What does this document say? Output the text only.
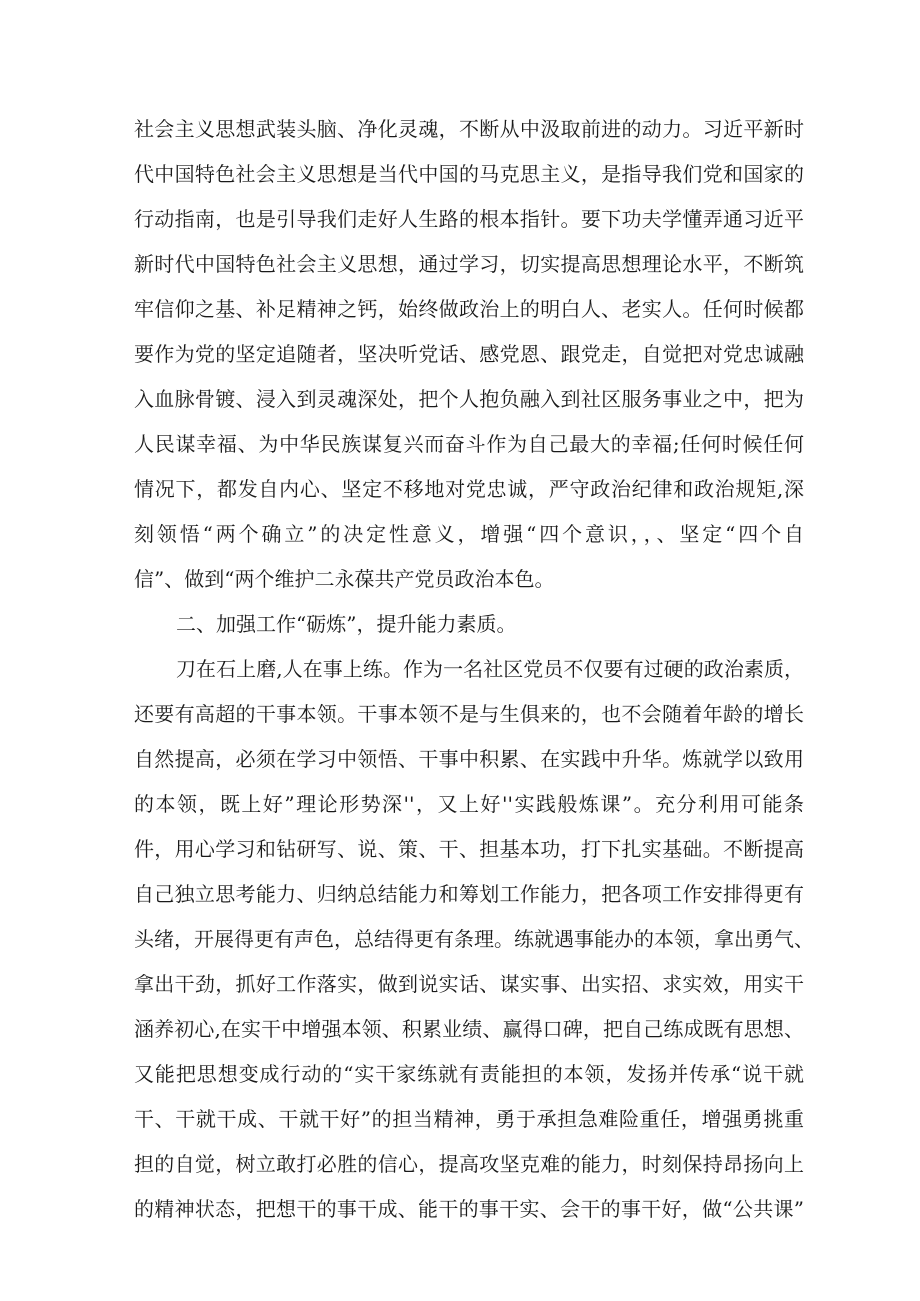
社会主义思想武装头脑、净化灵魂，不断从中汲取前进的动力。习近平新时

代中国特色社会主义思想是当代中国的马克思主义，是指导我们党和国家的

行动指南，也是引导我们走好人生路的根本指针。要下功夫学懂弄通习近平

新时代中国特色社会主义思想，通过学习，切实提高思想理论水平，不断筑

牢信仰之基、补足精神之钙，始终做政治上的明白人、老实人。任何时候都

要作为党的坚定追随者，坚决听党话、感党恩、跟党走，自觉把对党忠诚融

入血脉骨镀、浸入到灵魂深处，把个人抱负融入到社区服务事业之中，把为

人民谋幸福、为中华民族谋复兴而奋斗作为自己最大的幸福;任何时候任何

情况下，都发自内心、坚定不移地对党忠诚，严守政治纪律和政治规矩,深

刻领悟“两个确立”的决定性意义，增强“四个意识，，、坚定“四个自

信”、做到“两个维护二永葆共产党员政治本色。

二、加强工作“砺炼”，提升能力素质。

刀在石上磨,人在事上练。作为一名社区党员不仅要有过硬的政治素质，

还要有高超的干事本领。干事本领不是与生俱来的，也不会随着年龄的增长

自然提高，必须在学习中领悟、干事中积累、在实践中升华。炼就学以致用

的本领，既上好”理论形势深''，又上好''实践般炼课”。充分利用可能条

件，用心学习和钻研写、说、策、干、担基本功，打下扎实基础。不断提高

自己独立思考能力、归纳总结能力和筹划工作能力，把各项工作安排得更有

头绪，开展得更有声色，总结得更有条理。练就遇事能办的本领，拿出勇气、

拿出干劲，抓好工作落实，做到说实话、谋实事、出实招、求实效，用实干

涵养初心,在实干中增强本领、积累业绩、赢得口碑，把自己练成既有思想、

又能把思想变成行动的“实干家练就有责能担的本领，发扬并传承“说干就

干、干就干成、干就干好”的担当精神，勇于承担急难险重任，增强勇挑重

担的自觉，树立敢打必胜的信心，提高攻坚克难的能力，时刻保持昂扬向上

的精神状态，把想干的事干成、能干的事干实、会干的事干好，做“公共课”
